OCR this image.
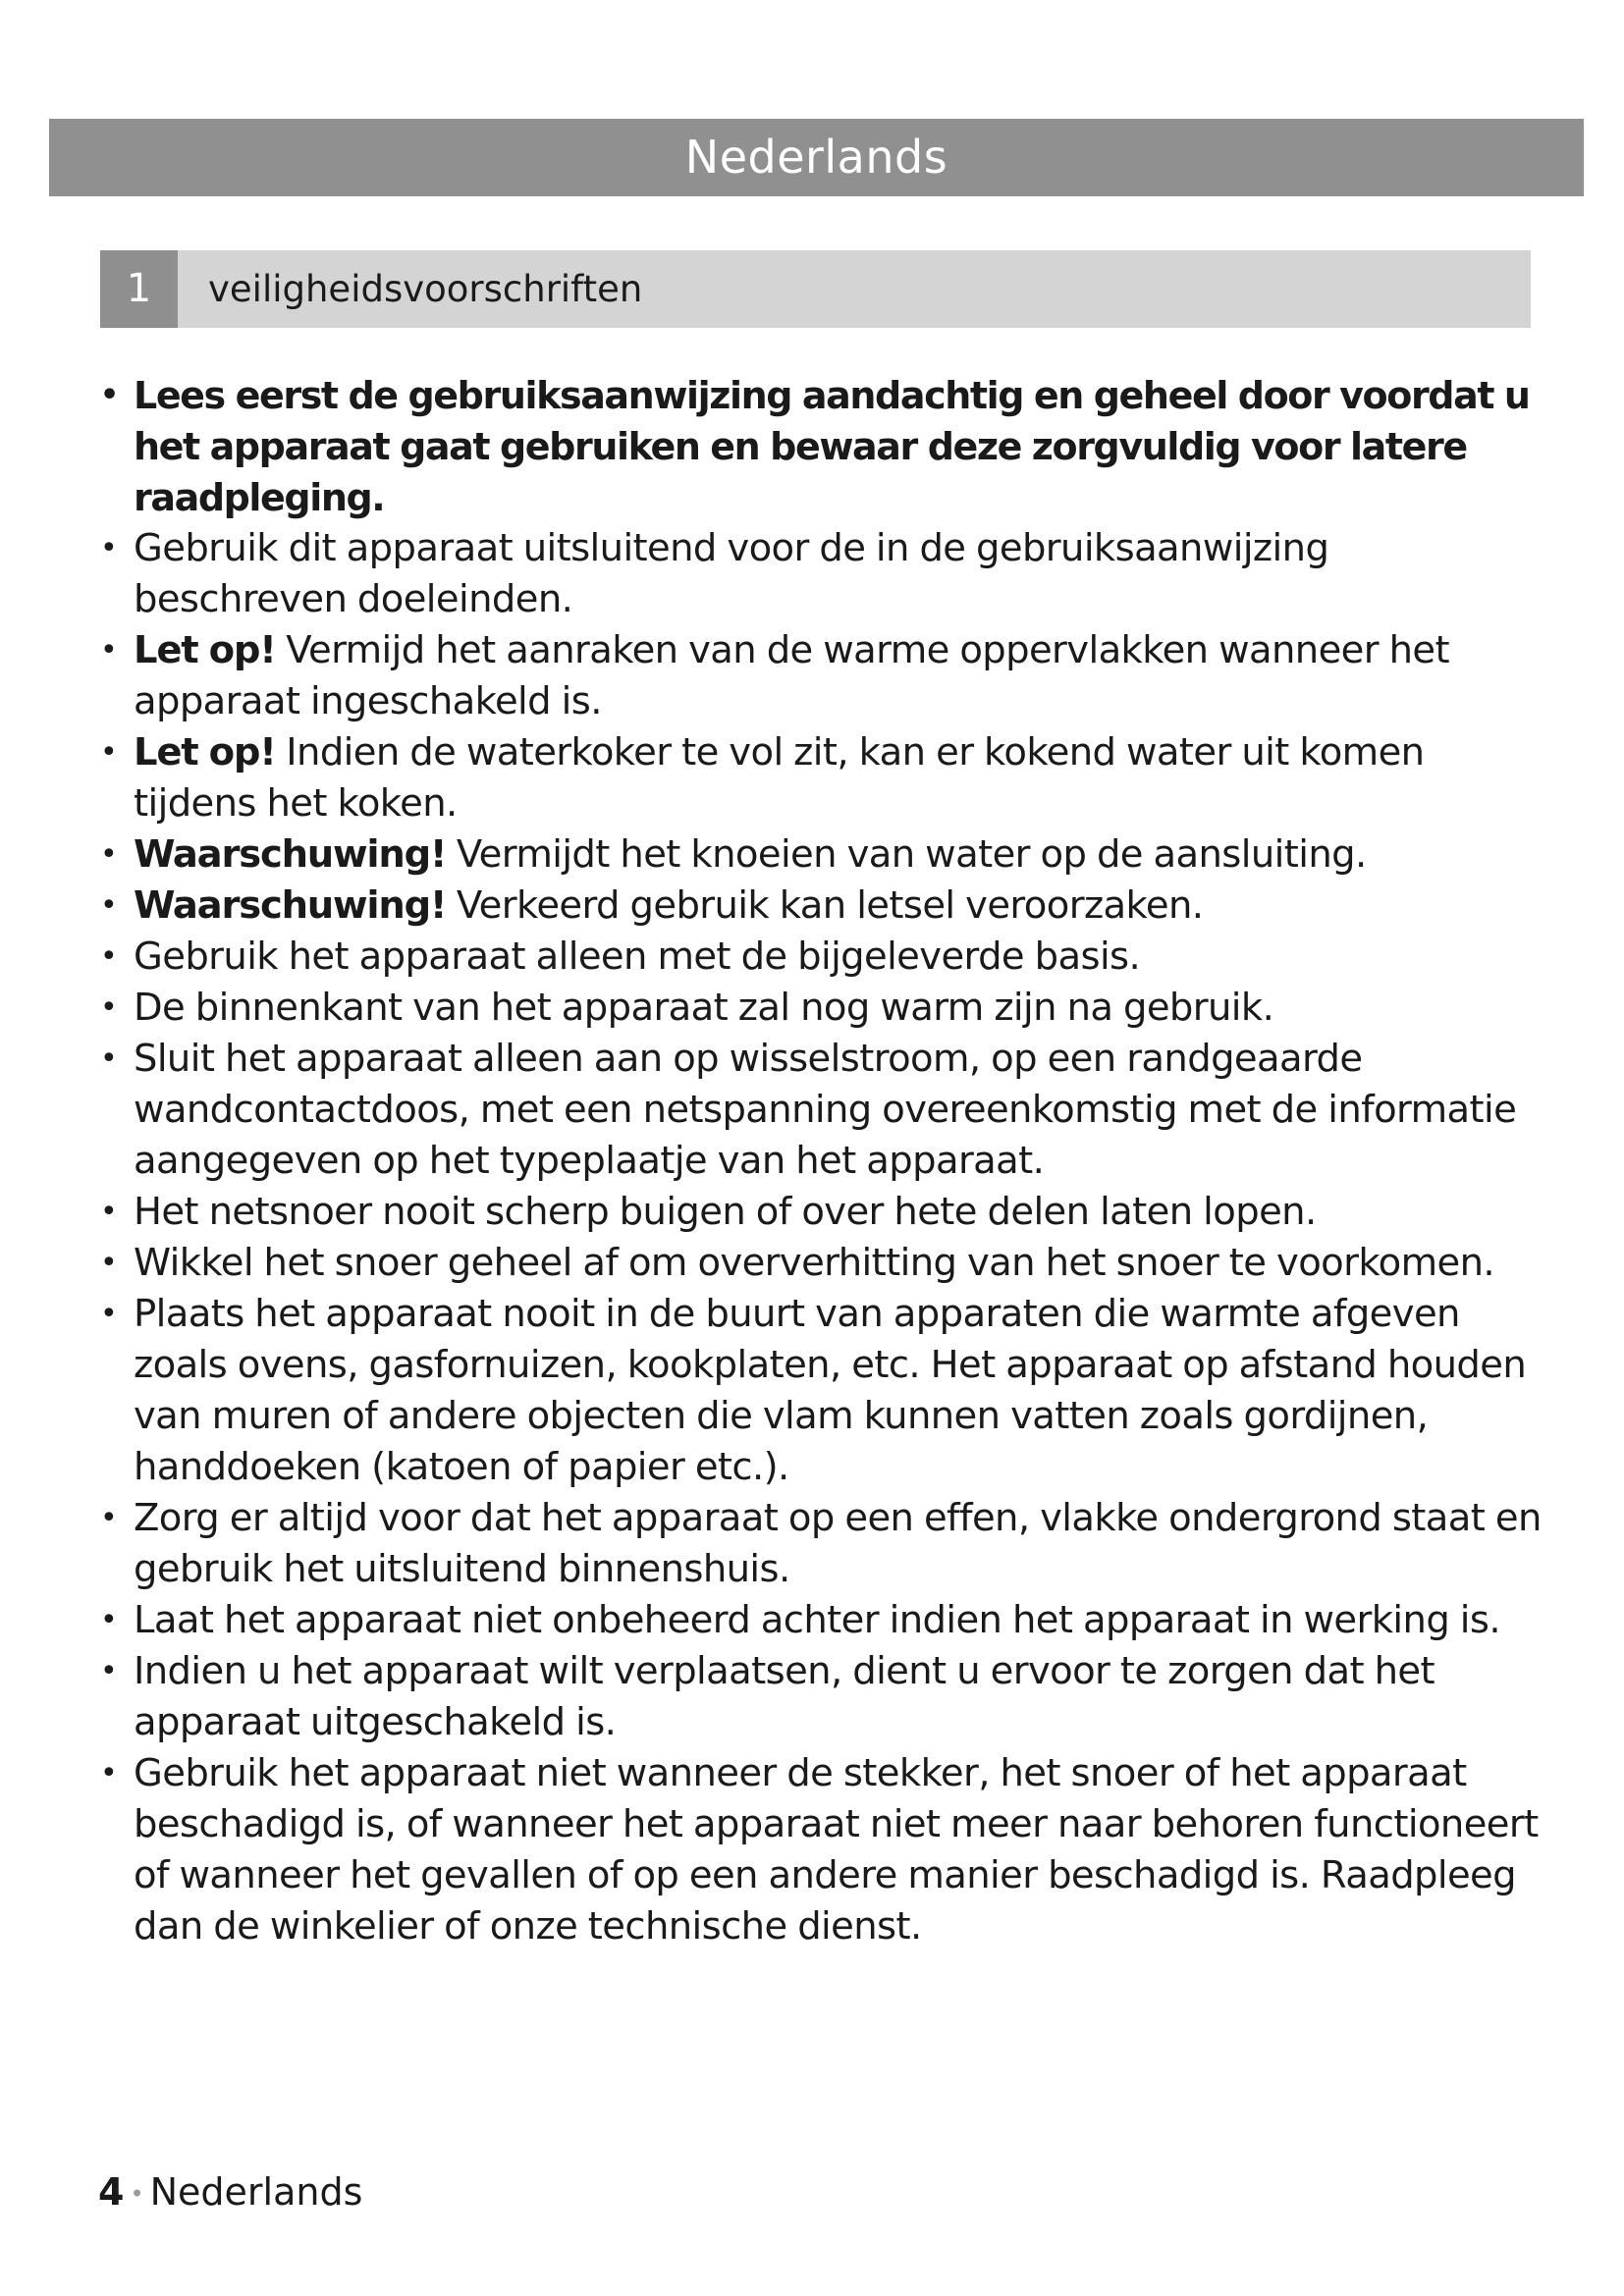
Nederlands
1	veiligheidsvoorschriften
• Lees eerst de gebruiksaanwijzing aandachtig en geheel door voordat u het apparaat gaat gebruiken en bewaar deze zorgvuldig voor latere raadpleging.
• Gebruik dit apparaat uitsluitend voor de in de gebruiksaanwijzing beschreven doeleinden.
• Let op! Vermijd het aanraken van de warme oppervlakken wanneer het apparaat ingeschakeld is.
• Let op! Indien de waterkoker te vol zit, kan er kokend water uit komen tijdens het koken.
• Waarschuwing! Vermijdt het knoeien van water op de aansluiting.
• Waarschuwing! Verkeerd gebruik kan letsel veroorzaken.
• Gebruik het apparaat alleen met de bijgeleverde basis.
• De binnenkant van het apparaat zal nog warm zijn na gebruik.
• Sluit het apparaat alleen aan op wisselstroom, op een randgeaarde wandcontactdoos, met een netspanning overeenkomstig met de informatie aangegeven op het typeplaatje van het apparaat.
• Het netsnoer nooit scherp buigen of over hete delen laten lopen.
• Wikkel het snoer geheel af om oververhitting van het snoer te voorkomen.
• Plaats het apparaat nooit in de buurt van apparaten die warmte afgeven zoals ovens, gasfornuizen, kookplaten, etc. Het apparaat op afstand houden van muren of andere objecten die vlam kunnen vatten zoals gordijnen, handdoeken (katoen of papier etc.).
• Zorg er altijd voor dat het apparaat op een effen, vlakke ondergrond staat en gebruik het uitsluitend binnenshuis.
• Laat het apparaat niet onbeheerd achter indien het apparaat in werking is.
• Indien u het apparaat wilt verplaatsen, dient u ervoor te zorgen dat het apparaat uitgeschakeld is.
• Gebruik het apparaat niet wanneer de stekker, het snoer of het apparaat beschadigd is, of wanneer het apparaat niet meer naar behoren functioneert of wanneer het gevallen of op een andere manier beschadigd is. Raadpleeg dan de winkelier of onze technische dienst.
4 • Nederlands
